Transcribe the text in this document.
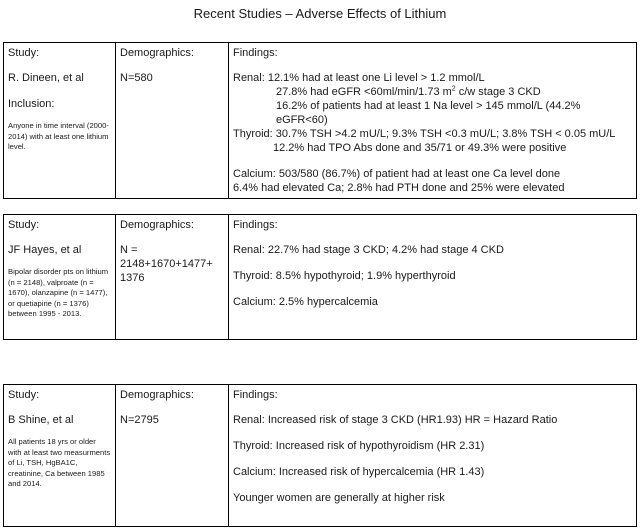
Recent Studies – Adverse Effects of Lithium
Study:
R. Dineen, et al
Inclusion:
Anyone in time interval (2000-2014) with at least one lithium level.

Demographics:
N=580

Findings:
Renal: 12.1% had at least one Li level > 1.2 mmol/L
27.8% had eGFR <60ml/min/1.73 $m^2$ c/w stage 3 CKD
16.2% of patients had at least 1 Na level > 145 mmol/L (44.2% eGFR<60)
Thyroid: 30.7% TSH >4.2 mU/L; 9.3% TSH <0.3 mU/L; 3.8% TSH < 0.05 mU/L
12.2% had TPO Abs done and 35/71 or 49.3% were positive
Calcium: 503/580 (86.7%) of patient had at least one Ca level done
6.4% had elevated Ca; 2.8% had PTH done and 25% were elevated
Study:
JF Hayes, et al
Bipolar disorder pts on lithium (n = 2148), valproate (n = 1670), olanzapine (n = 1477), or quetiapine (n = 1376) between 1995 - 2013.

Demographics:
N = 2148+1670+1477+ 1376

Findings:
Renal: 22.7% had stage 3 CKD; 4.2% had stage 4 CKD
Thyroid: 8.5% hypothyroid; 1.9% hyperthyroid
Calcium: 2.5% hypercalcemia
Study:
B Shine, et al
All patients 18 yrs or older with at least two measurments of Li, TSH, HgBA1C, creatinine, Ca between 1985 and 2014.

Demographics:
N=2795

Findings:
Renal: Increased risk of stage 3 CKD (HR1.93) HR = Hazard Ratio
Thyroid: Increased risk of hypothyroidism (HR 2.31)
Calcium: Increased risk of hypercalcemia (HR 1.43)
Younger women are generally at higher risk
